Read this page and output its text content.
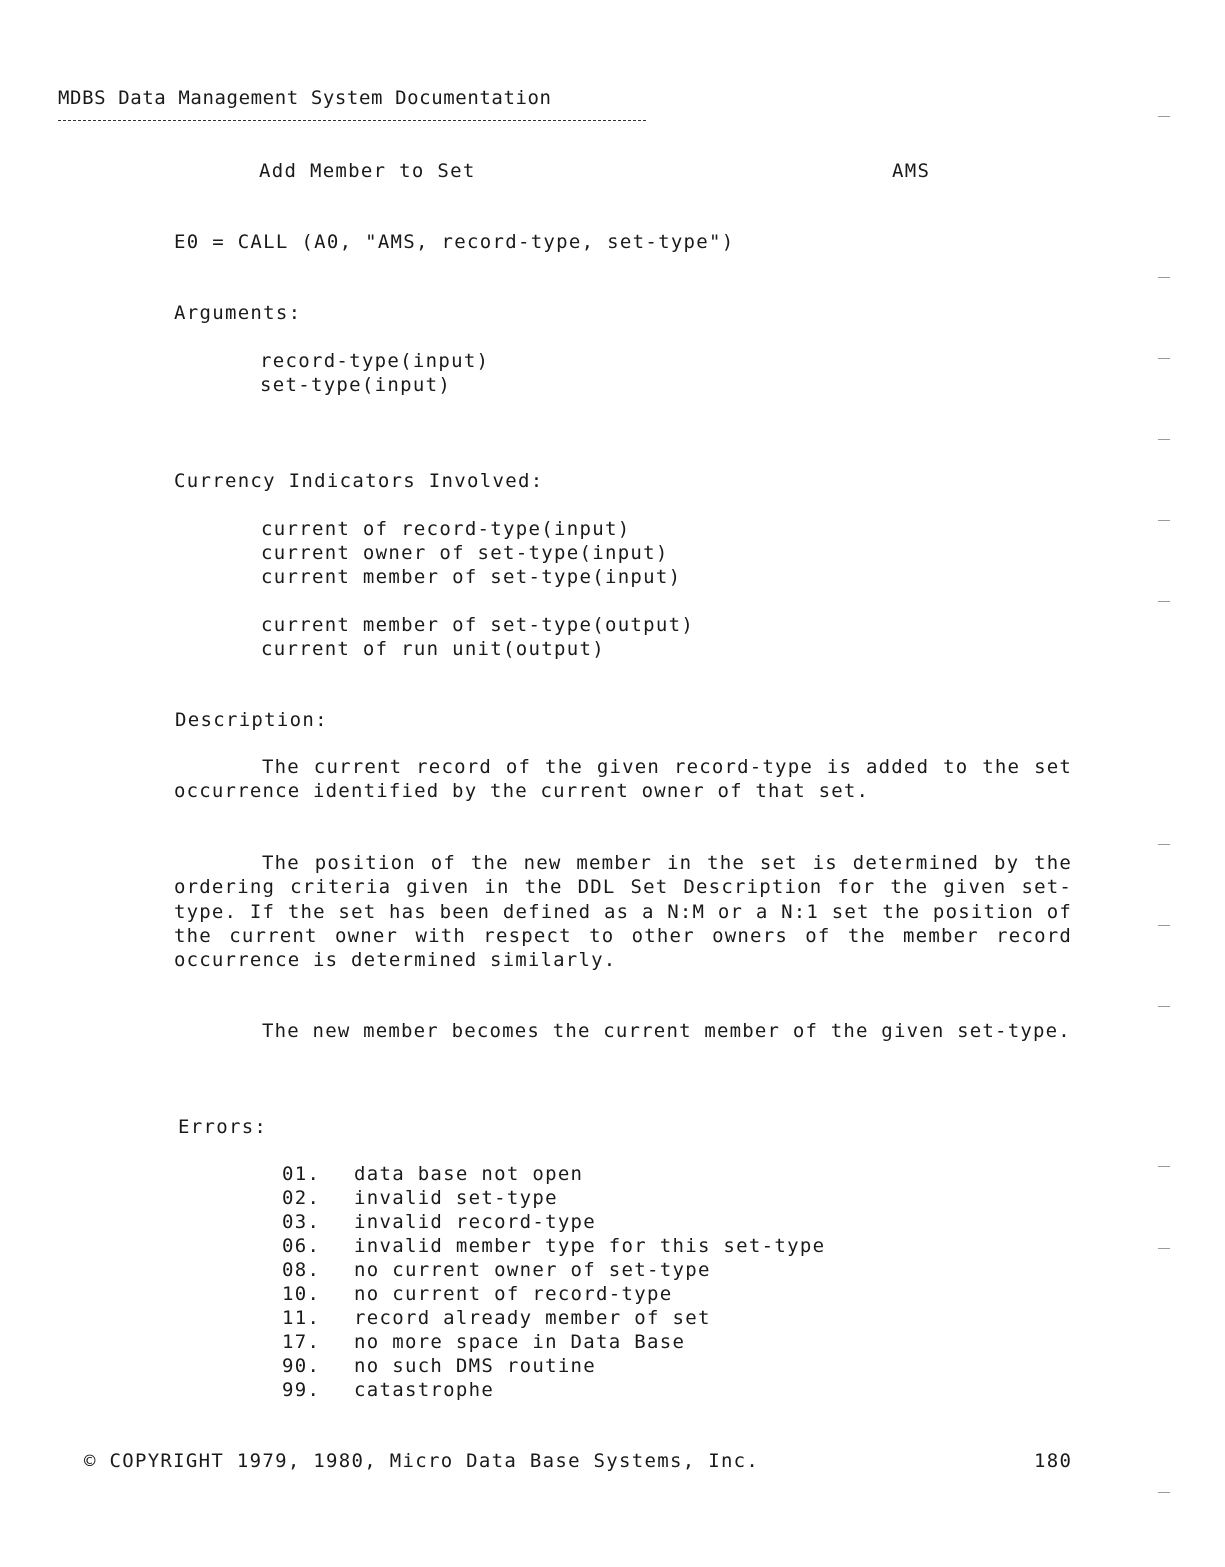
MDBS Data Management System Documentation
Add Member to Set	AMS
E0 = CALL (A0, "AMS, record-type, set-type")
Arguments:
record-type(input)
set-type(input)
Currency Indicators Involved:
current of record-type(input)
current owner of set-type(input)
current member of set-type(input)
current member of set-type(output)
current of run unit(output)
Description:
The current record of the given record-type is added to the set occurrence identified by the current owner of that set.
The position of the new member in the set is determined by the ordering criteria given in the DDL Set Description for the given set-type. If the set has been defined as a N:M or a N:1 set the position of the current owner with respect to other owners of the member record occurrence is determined similarly.
The new member becomes the current member of the given set-type.
Errors:
01. data base not open
02. invalid set-type
03. invalid record-type
06. invalid member type for this set-type
08. no current owner of set-type
10. no current of record-type
11. record already member of set
17. no more space in Data Base
90. no such DMS routine
99. catastrophe
© COPYRIGHT 1979, 1980, Micro Data Base Systems, Inc.	180
